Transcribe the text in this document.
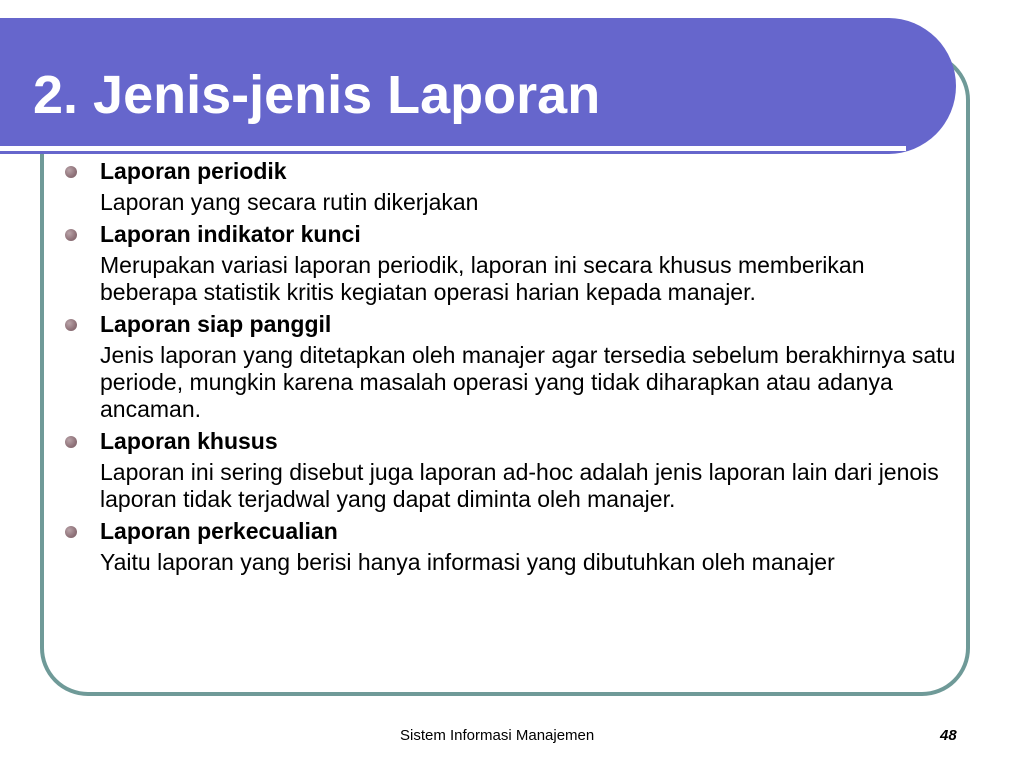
2. Jenis-jenis Laporan
Laporan periodik
Laporan yang secara rutin dikerjakan
Laporan indikator kunci
Merupakan variasi laporan periodik, laporan ini secara khusus memberikan beberapa statistik kritis kegiatan operasi harian kepada manajer.
Laporan siap panggil
Jenis laporan yang ditetapkan oleh manajer agar tersedia sebelum berakhirnya satu periode, mungkin karena masalah operasi yang tidak diharapkan atau adanya ancaman.
Laporan khusus
Laporan ini sering disebut juga laporan ad-hoc adalah jenis laporan lain dari jenois laporan tidak terjadwal yang dapat diminta oleh manajer.
Laporan perkecualian
Yaitu laporan yang berisi hanya informasi yang dibutuhkan oleh manajer
Sistem Informasi Manajemen	48
